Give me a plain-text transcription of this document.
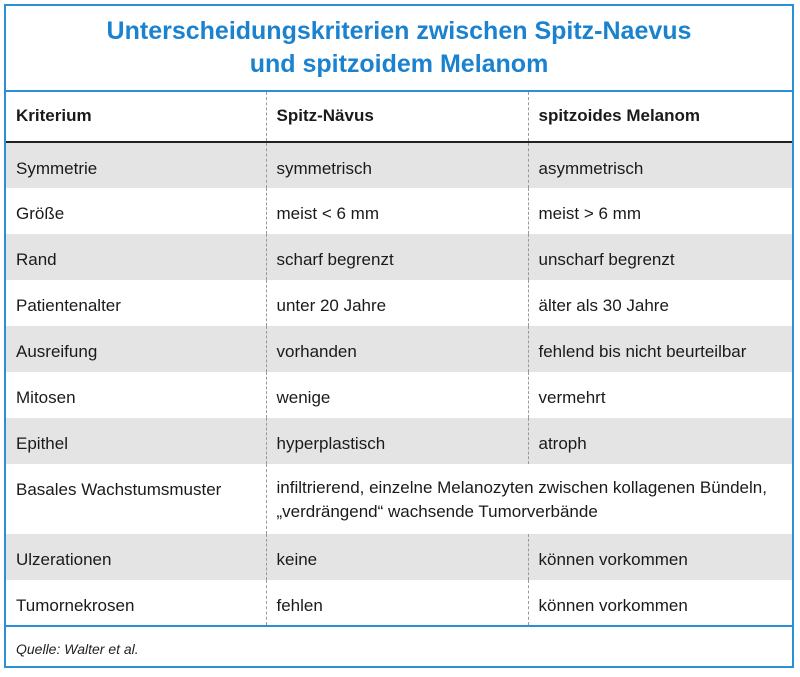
Unterscheidungskriterien zwischen Spitz-Naevus
und spitzoidem Melanom
Kriterium	Spitz-Nävus	spitzoides Melanom
Symmetrie	symmetrisch	asymmetrisch
Größe	meist < 6 mm	meist > 6 mm
Rand	scharf begrenzt	unscharf begrenzt
Patientenalter	unter 20 Jahre	älter als 30 Jahre
Ausreifung	vorhanden	fehlend bis nicht beurteilbar
Mitosen	wenige	vermehrt
Epithel	hyperplastisch	atroph
Basales Wachstumsmuster	infiltrierend, einzelne Melanozyten zwischen kollagenen Bündeln, „verdrängend“ wachsende Tumorverbände	
Ulzerationen	keine	können vorkommen
Tumornekrosen	fehlen	können vorkommen
Quelle: Walter et al.
